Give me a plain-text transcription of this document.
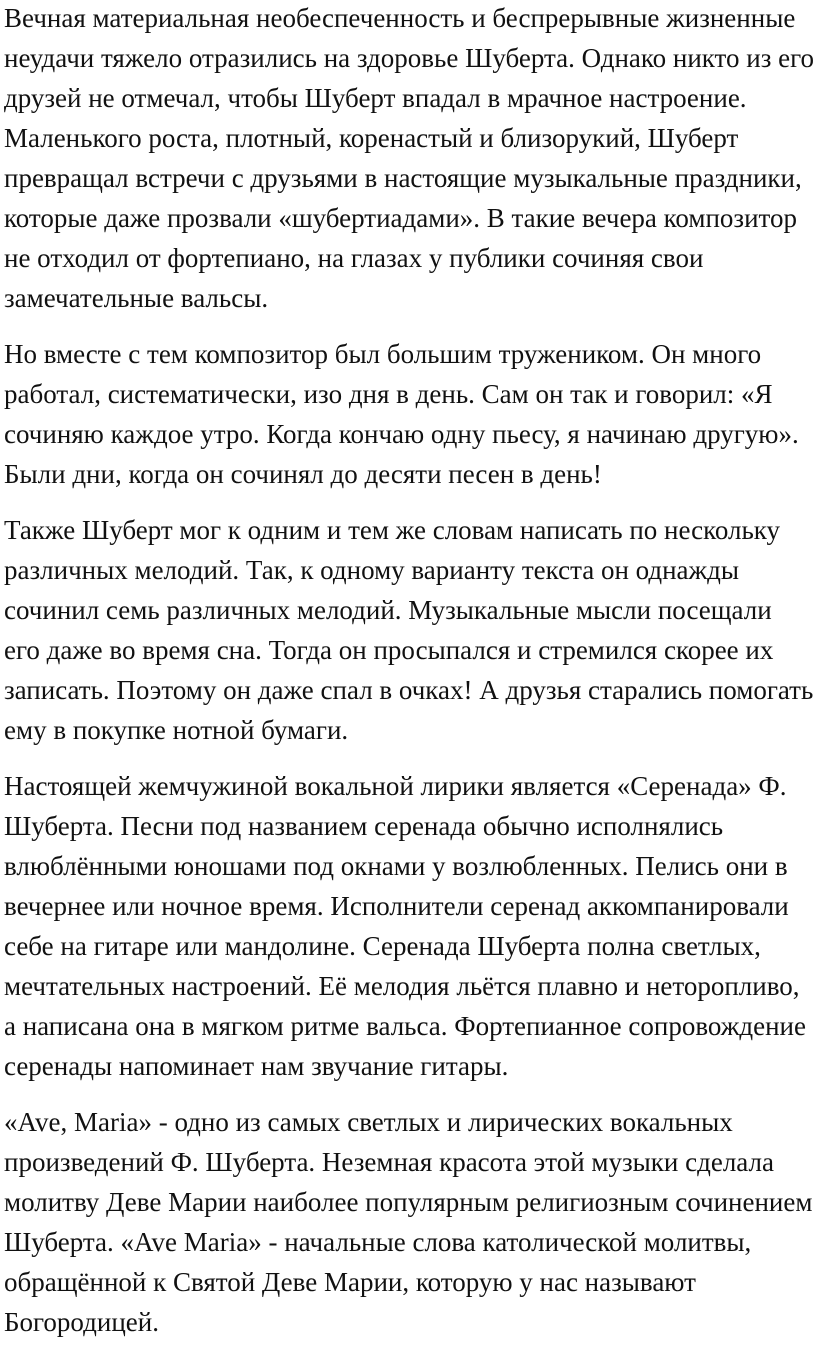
Вечная материальная необеспеченность и беспрерывные жизненные неудачи тяжело отразились на здоровье Шуберта. Однако никто из его друзей не отмечал, чтобы Шуберт впадал в мрачное настроение. Маленького роста, плотный, коренастый и близорукий, Шуберт превращал встречи с друзьями в настоящие музыкальные праздники, которые даже прозвали «шубертиадами». В такие вечера композитор не отходил от фортепиано, на глазах у публики сочиняя свои замечательные вальсы.

Но вместе с тем композитор был большим тружеником. Он много работал, систематически, изо дня в день. Сам он так и говорил: «Я сочиняю каждое утро. Когда кончаю одну пьесу, я начинаю другую». Были дни, когда он сочинял до десяти песен в день!

Также Шуберт мог к одним и тем же словам написать по нескольку различных мелодий. Так, к одному варианту текста он однажды сочинил семь различных мелодий. Музыкальные мысли посещали его даже во время сна. Тогда он просыпался и стремился скорее их записать. Поэтому он даже спал в очках! А друзья старались помогать ему в покупке нотной бумаги.

Настоящей жемчужиной вокальной лирики является «Серенада» Ф. Шуберта. Песни под названием серенада обычно исполнялись влюблёнными юношами под окнами у возлюбленных. Пелись они в вечернее или ночное время. Исполнители серенад аккомпанировали себе на гитаре или мандолине. Серенада Шуберта полна светлых, мечтательных настроений. Её мелодия льётся плавно и неторопливо, а написана она в мягком ритме вальса. Фортепианное сопровождение серенады напоминает нам звучание гитары.

«Ave, Maria» - одно из самых светлых и лирических вокальных произведений Ф. Шуберта. Неземная красота этой музыки сделала молитву Деве Марии наиболее популярным религиозным сочинением Шуберта. «Ave Maria» - начальные слова католической молитвы, обращённой к Святой Деве Марии, которую у нас называют Богородицей.
